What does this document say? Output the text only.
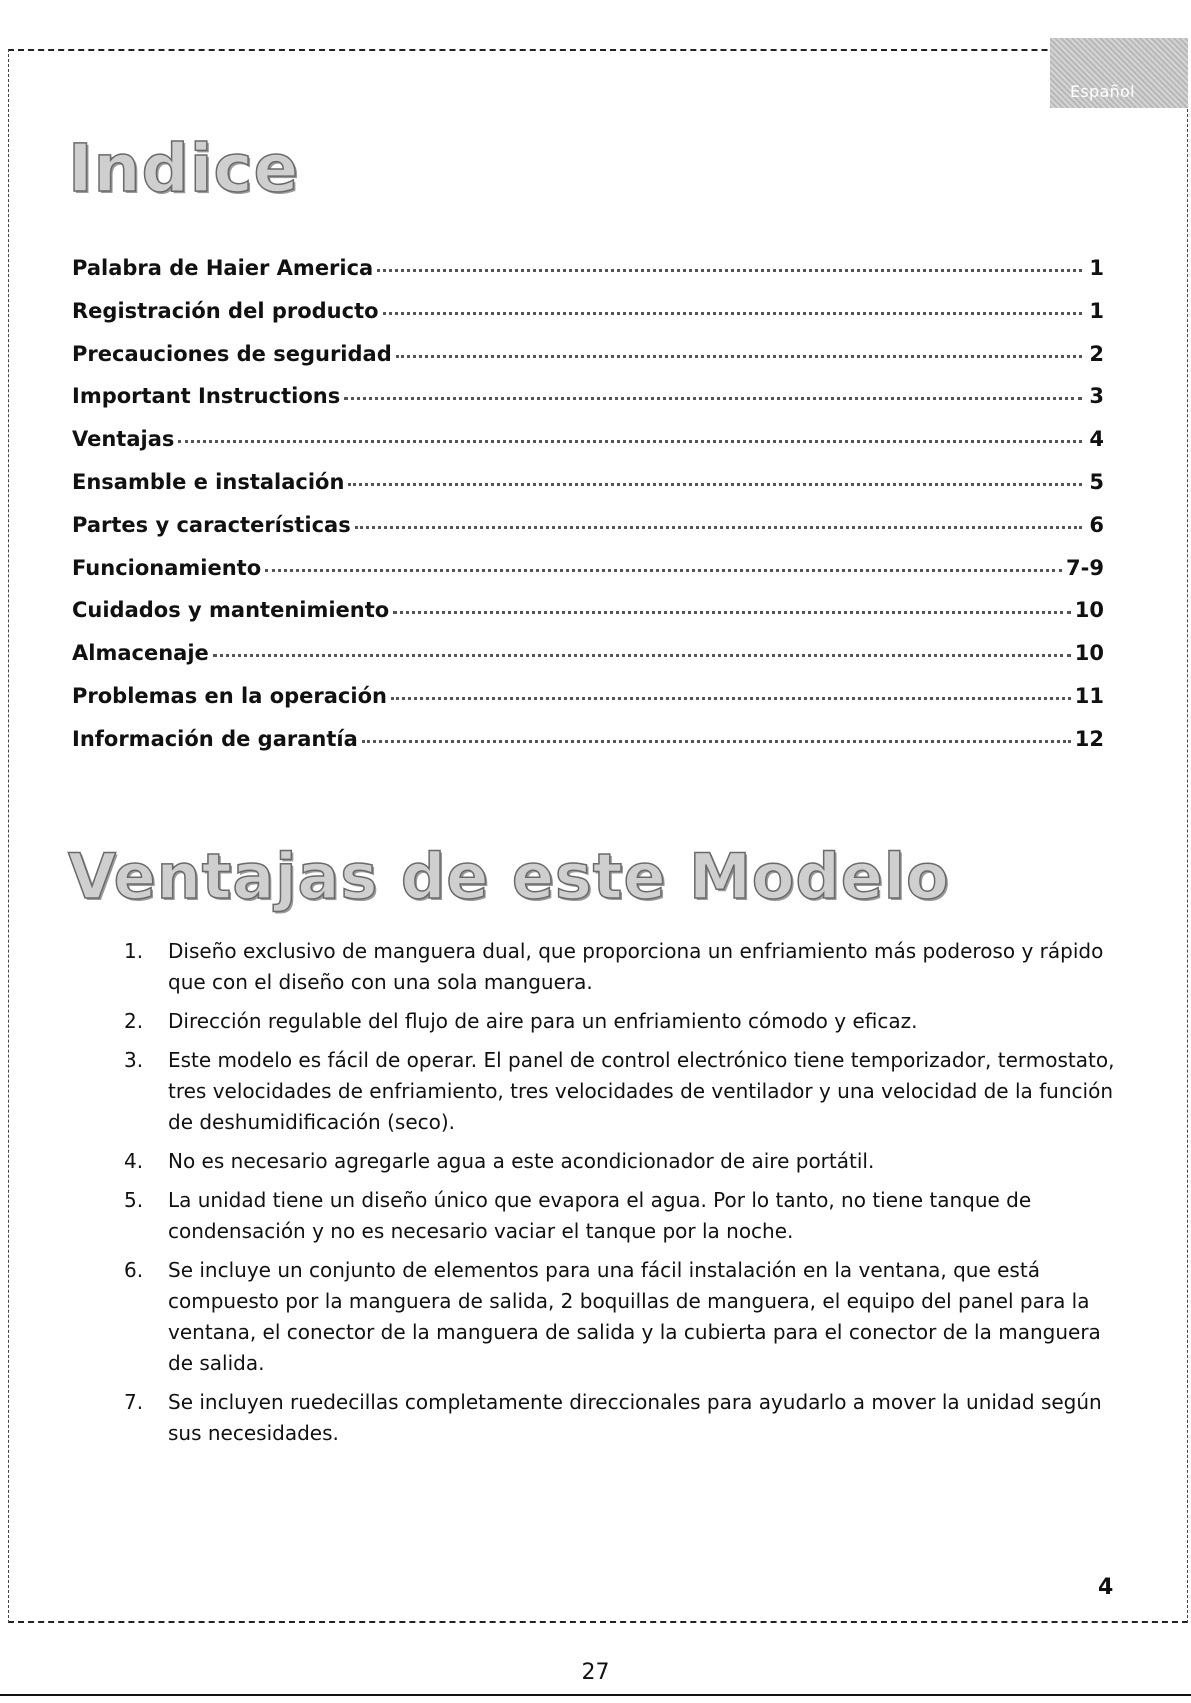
Español
Indice
Palabra de Haier America	1
Registración del producto	1
Precauciones de seguridad	2
Important Instructions	3
Ventajas	4
Ensamble e instalación	5
Partes y características	6
Funcionamiento	7-9
Cuidados y mantenimiento	10
Almacenaje	10
Problemas en la operación	11
Información de garantía	12
Ventajas de este Modelo
1.	Diseño exclusivo de manguera dual, que proporciona un enfriamiento más poderoso y rápido que con el diseño con una sola manguera.
2.	Dirección regulable del flujo de aire para un enfriamiento cómodo y eficaz.
3.	Este modelo es fácil de operar. El panel de control electrónico tiene temporizador, termostato, tres velocidades de enfriamiento, tres velocidades de ventilador y una velocidad de la función de deshumidificación (seco).
4.	No es necesario agregarle agua a este acondicionador de aire portátil.
5.	La unidad tiene un diseño único que evapora el agua. Por lo tanto, no tiene tanque de condensación y no es necesario vaciar el tanque por la noche.
6.	Se incluye un conjunto de elementos para una fácil instalación en la ventana, que está compuesto por la manguera de salida, 2 boquillas de manguera, el equipo del panel para la ventana, el conector de la manguera de salida y la cubierta para el conector de la manguera de salida.
7.	Se incluyen ruedecillas completamente direccionales para ayudarlo a mover la unidad según sus necesidades.
4
27
